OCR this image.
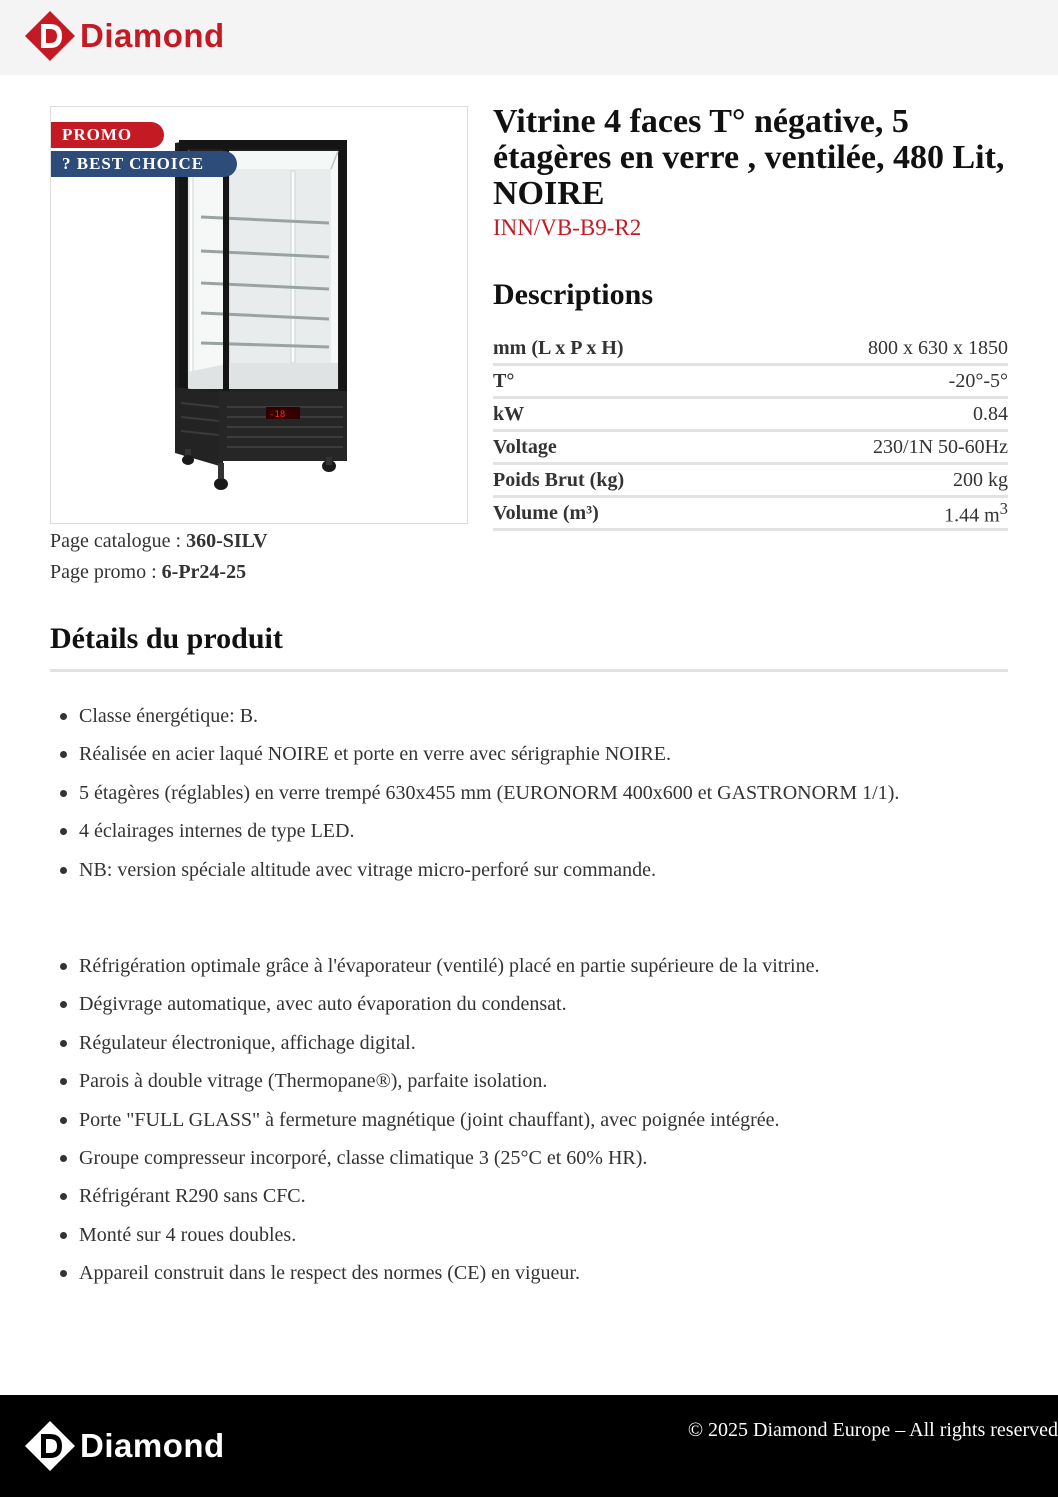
Diamond
-18
PROMO
? BEST CHOICE
Page catalogue : 360-SILV
Page promo : 6-Pr24-25
Vitrine 4 faces T° négative, 5 étagères en verre , ventilée, 480 Lit, NOIRE
INN/VB-B9-R2
Descriptions
mm (L x P x H)	800 x 630 x 1850
T°	-20°-5°
kW	0.84
Voltage	230/1N 50-60Hz
Poids Brut (kg)	200 kg
Volume (m³)	1.44 $m^3$
Détails du produit
Classe énergétique: B.
Réalisée en acier laqué NOIRE et porte en verre avec sérigraphie NOIRE.
5 étagères (réglables) en verre trempé 630x455 mm (EURONORM 400x600 et GASTRONORM 1/1).
4 éclairages internes de type LED.
NB: version spéciale altitude avec vitrage micro-perforé sur commande.
Réfrigération optimale grâce à l'évaporateur (ventilé) placé en partie supérieure de la vitrine.
Dégivrage automatique, avec auto évaporation du condensat.
Régulateur électronique, affichage digital.
Parois à double vitrage (Thermopane®), parfaite isolation.
Porte "FULL GLASS" à fermeture magnétique (joint chauffant), avec poignée intégrée.
Groupe compresseur incorporé, classe climatique 3 (25°C et 60% HR).
Réfrigérant R290 sans CFC.
Monté sur 4 roues doubles.
Appareil construit dans le respect des normes (CE) en vigueur.
Diamond	© 2025 Diamond Europe – All rights reserved
